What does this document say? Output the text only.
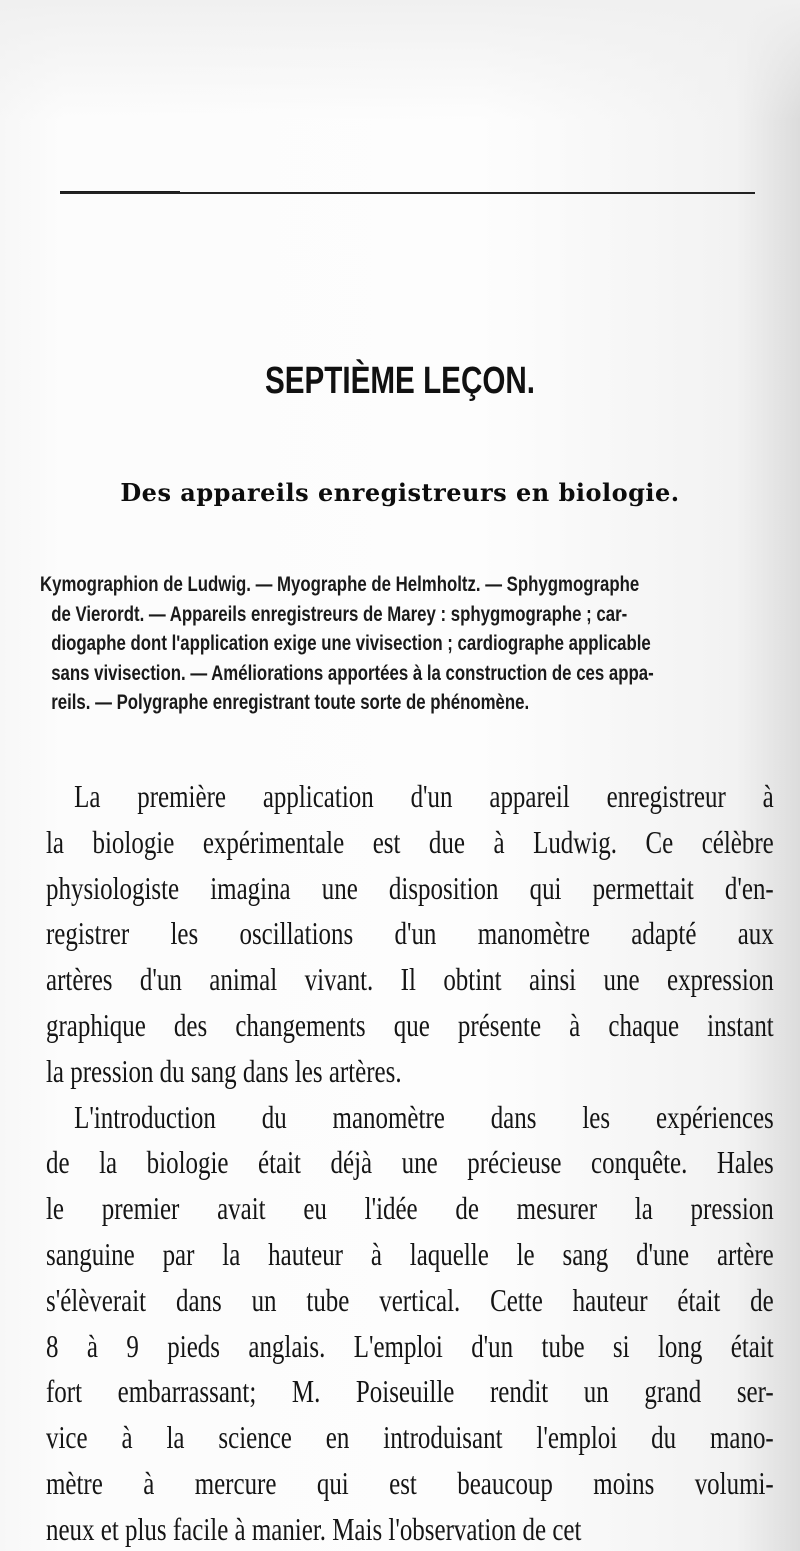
SEPTIÈME LEÇON.
Des appareils enregistreurs en biologie.
Kymographion de Ludwig. — Myographe de Helmholtz. — Sphygmographe
de Vierordt. — Appareils enregistreurs de Marey : sphygmographe ; car-
diogaphe dont l'application exige une vivisection ; cardiographe applicable
sans vivisection. — Améliorations apportées à la construction de ces appa-
reils. — Polygraphe enregistrant toute sorte de phénomène.
La première application d'un appareil enregistreur à
la biologie expérimentale est due à Ludwig. Ce célèbre
physiologiste imagina une disposition qui permettait d'en-
registrer les oscillations d'un manomètre adapté aux
artères d'un animal vivant. Il obtint ainsi une expression
graphique des changements que présente à chaque instant
la pression du sang dans les artères.
L'introduction du manomètre dans les expériences
de la biologie était déjà une précieuse conquête. Hales
le premier avait eu l'idée de mesurer la pression
sanguine par la hauteur à laquelle le sang d'une artère
s'élèverait dans un tube vertical. Cette hauteur était de
8 à 9 pieds anglais. L'emploi d'un tube si long était
fort embarrassant; M. Poiseuille rendit un grand ser-
vice à la science en introduisant l'emploi du mano-
mètre à mercure qui est beaucoup moins volumi-
neux et plus facile à manier. Mais l'observation de cet
